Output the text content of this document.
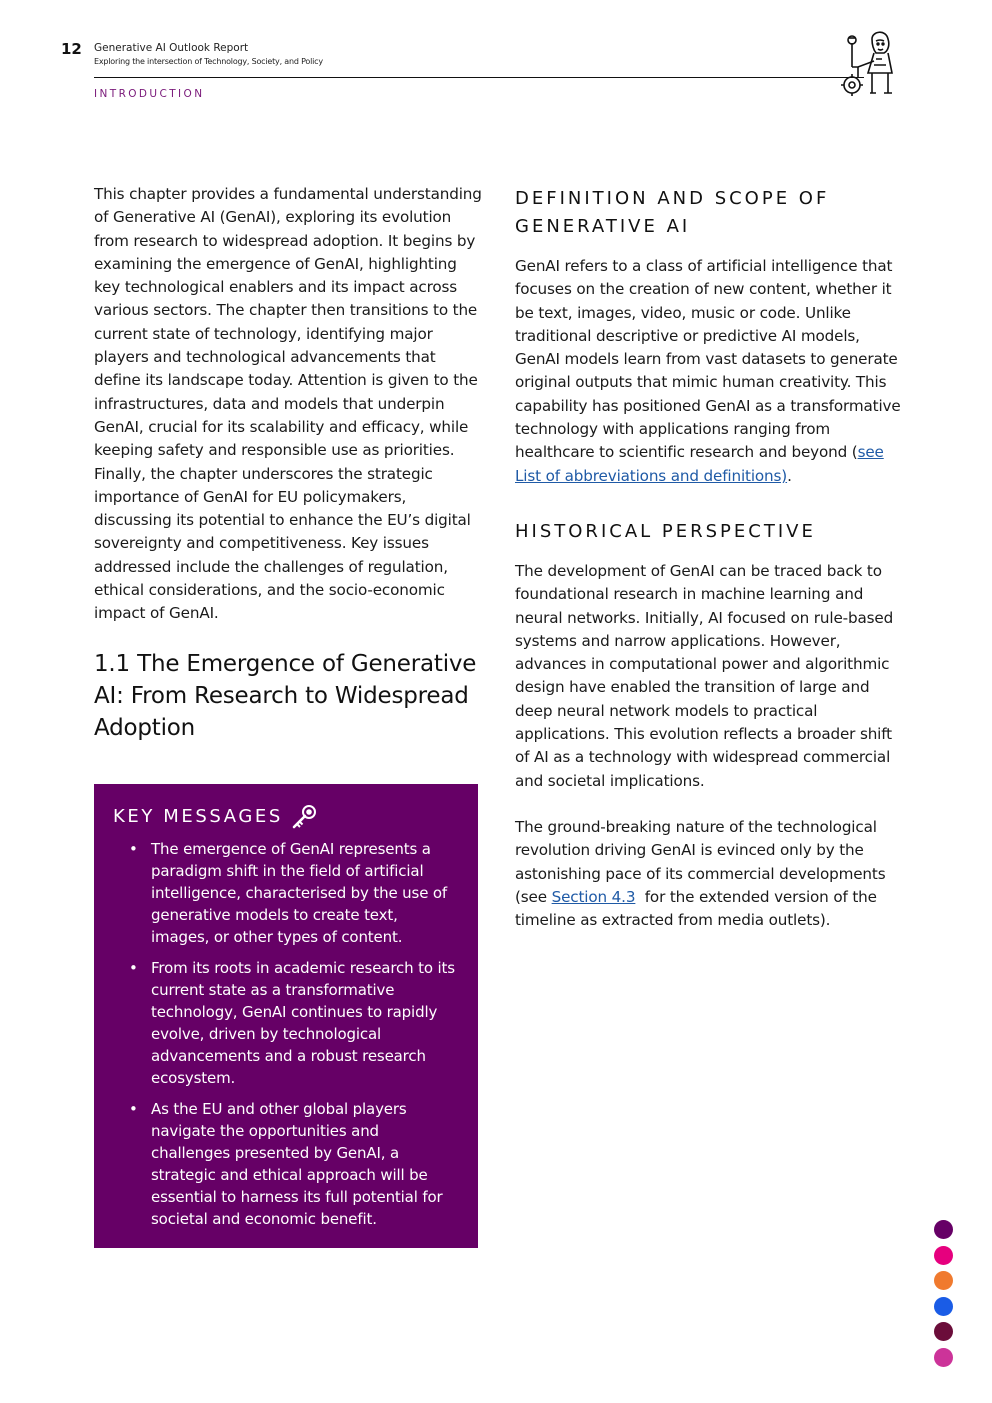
12 Generative AI Outlook Report
Exploring the intersection of Technology, Society, and Policy
INTRODUCTION

This chapter provides a fundamental understanding of Generative AI (GenAI), exploring its evolution from research to widespread adoption. It begins by examining the emergence of GenAI, highlighting key technological enablers and its impact across various sectors. The chapter then transitions to the current state of technology, identifying major players and technological advancements that define its landscape today. Attention is given to the infrastructures, data and models that underpin GenAI, crucial for its scalability and efficacy, while keeping safety and responsible use as priorities. Finally, the chapter underscores the strategic importance of GenAI for EU policymakers, discussing its potential to enhance the EU’s digital sovereignty and competitiveness. Key issues addressed include the challenges of regulation, ethical considerations, and the socio-economic impact of GenAI.

1.1 The Emergence of Generative AI: From Research to Widespread Adoption
KEY MESSAGES
• The emergence of GenAI represents a paradigm shift in the field of artificial intelligence, characterised by the use of generative models to create text, images, or other types of content.
• From its roots in academic research to its current state as a transformative technology, GenAI continues to rapidly evolve, driven by technological advancements and a robust research ecosystem.
• As the EU and other global players navigate the opportunities and challenges presented by GenAI, a strategic and ethical approach will be essential to harness its full potential for societal and economic benefit.
DEFINITION AND SCOPE OF GENERATIVE AI

GenAI refers to a class of artificial intelligence that focuses on the creation of new content, whether it be text, images, video, music or code. Unlike traditional descriptive or predictive AI models, GenAI models learn from vast datasets to generate original outputs that mimic human creativity. This capability has positioned GenAI as a transformative technology with applications ranging from healthcare to scientific research and beyond (see List of abbreviations and definitions).

HISTORICAL PERSPECTIVE

The development of GenAI can be traced back to foundational research in machine learning and neural networks. Initially, AI focused on rule-based systems and narrow applications. However, advances in computational power and algorithmic design have enabled the transition of large and deep neural network models to practical applications. This evolution reflects a broader shift of AI as a technology with widespread commercial and societal implications.

The ground-breaking nature of the technological revolution driving GenAI is evinced only by the astonishing pace of its commercial developments (see Section 4.3  for the extended version of the timeline as extracted from media outlets).
